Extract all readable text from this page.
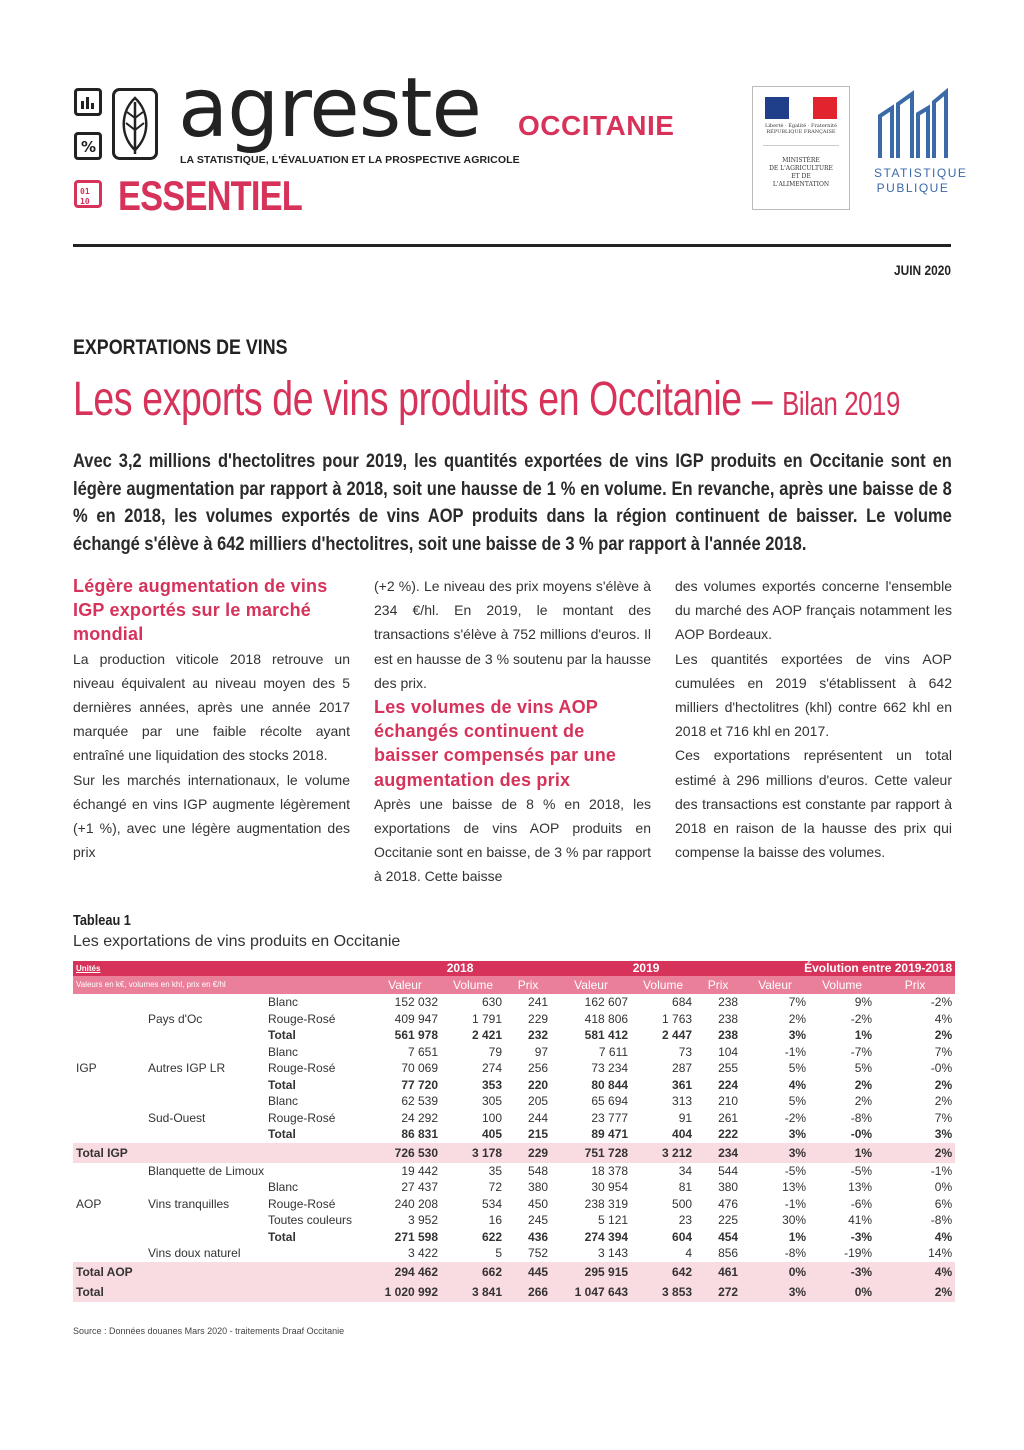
%
01
10
agreste
LA STATISTIQUE, L'ÉVALUATION ET LA PROSPECTIVE AGRICOLE
ESSENTIEL
OCCITANIE	Liberté · Égalité · Fraternité
RÉPUBLIQUE FRANÇAISE
MINISTÈRE
DE L'AGRICULTURE
ET DE
L'ALIMENTATION
STATISTIQUE
PUBLIQUE
JUIN 2020
EXPORTATIONS DE VINS
Les exports de vins produits en Occitanie – Bilan 2019
Avec 3,2 millions d'hectolitres pour 2019, les quantités exportées de vins IGP produits en Occitanie sont en légère augmentation par rapport à 2018, soit une hausse de 1 % en volume. En revanche, après une baisse de 8 % en 2018, les volumes exportés de vins AOP produits dans la région continuent de baisser. Le volume échangé s'élève à 642 milliers d'hectolitres, soit une baisse de 3 % par rapport à l'année 2018.
Légère augmentation de vins IGP exportés sur le marché mondial

La production viticole 2018 retrouve un niveau équivalent au niveau moyen des 5 dernières années, après une année 2017 marquée par une faible récolte ayant entraîné une liquidation des stocks 2018.

Sur les marchés internationaux, le volume échangé en vins IGP augmente légèrement (+1 %), avec une légère augmentation des prix

(+2 %). Le niveau des prix moyens s'élève à 234 €/hl. En 2019, le montant des transactions s'élève à 752 millions d'euros. Il est en hausse de 3 % soutenu par la hausse des prix.

Les volumes de vins AOP échangés continuent de baisser compensés par une augmentation des prix

Après une baisse de 8 % en 2018, les exportations de vins AOP produits en Occitanie sont en baisse, de 3 % par rapport à 2018. Cette baisse

des volumes exportés concerne l'ensemble du marché des AOP français notamment les AOP Bordeaux.

Les quantités exportées de vins AOP cumulées en 2019 s'établissent à 642 milliers d'hectolitres (khl) contre 662 khl en 2018 et 716 khl en 2017.

Ces exportations représentent un total estimé à 296 millions d'euros. Cette valeur des transactions est constante par rapport à 2018 en raison de la hausse des prix qui compense la baisse des volumes.

Tableau 1
Les exportations de vins produits en Occitanie
Unités			2018			2019			Évolution entre 2019-2018		
Valeurs en k€, volumes en khl, prix en €/hl			Valeur	Volume	Prix	Valeur	Volume	Prix	Valeur	Volume	Prix
		Blanc	152 032	630	241	162 607	684	238	7%	9%	-2%
	Pays d'Oc	Rouge-Rosé	409 947	1 791	229	418 806	1 763	238	2%	-2%	4%
		Total	561 978	2 421	232	581 412	2 447	238	3%	1%	2%
		Blanc	7 651	79	97	7 611	73	104	-1%	-7%	7%
IGP	Autres IGP LR	Rouge-Rosé	70 069	274	256	73 234	287	255	5%	5%	-0%
		Total	77 720	353	220	80 844	361	224	4%	2%	2%
		Blanc	62 539	305	205	65 694	313	210	5%	2%	2%
	Sud-Ouest	Rouge-Rosé	24 292	100	244	23 777	91	261	-2%	-8%	7%
		Total	86 831	405	215	89 471	404	222	3%	-0%	3%
Total IGP			726 530	3 178	229	751 728	3 212	234	3%	1%	2%
	Blanquette de Limoux		19 442	35	548	18 378	34	544	-5%	-5%	-1%
		Blanc	27 437	72	380	30 954	81	380	13%	13%	0%
AOP	Vins tranquilles	Rouge-Rosé	240 208	534	450	238 319	500	476	-1%	-6%	6%
		Toutes couleurs	3 952	16	245	5 121	23	225	30%	41%	-8%
		Total	271 598	622	436	274 394	604	454	1%	-3%	4%
	Vins doux naturel		3 422	5	752	3 143	4	856	-8%	-19%	14%
Total AOP			294 462	662	445	295 915	642	461	0%	-3%	4%
Total			1 020 992	3 841	266	1 047 643	3 853	272	3%	0%	2%
Source : Données douanes Mars 2020 - traitements Draaf Occitanie
